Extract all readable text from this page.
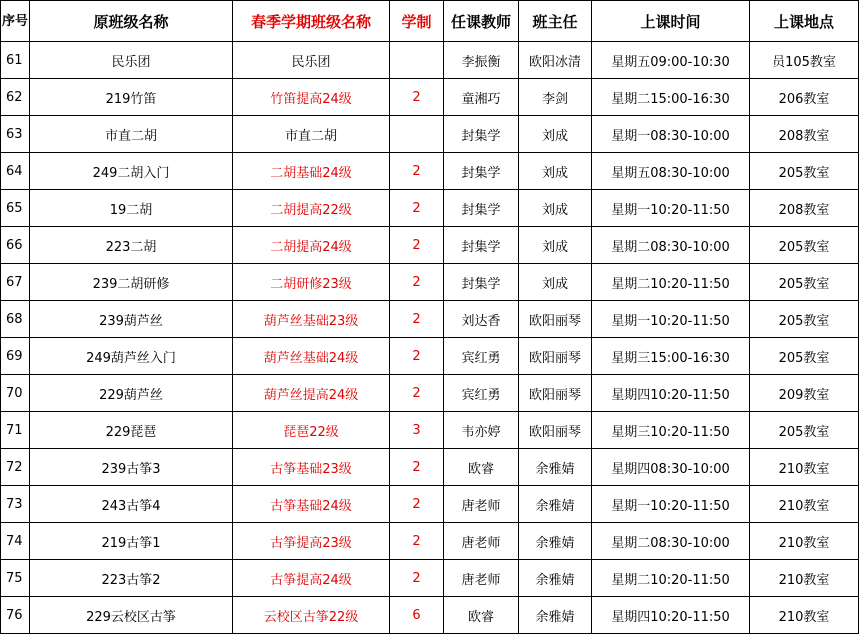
序号	原班级名称	春季学期班级名称	学制	任课教师	班主任	上课时间	上课地点
61	民乐团	民乐团		李振衡	欧阳冰清	星期五09:00-10:30	员105教室
62	219竹笛	竹笛提高24级	2	童湘巧	李剑	星期二15:00-16:30	206教室
63	市直二胡	市直二胡		封集学	刘成	星期一08:30-10:00	208教室
64	249二胡入门	二胡基础24级	2	封集学	刘成	星期五08:30-10:00	205教室
65	19二胡	二胡提高22级	2	封集学	刘成	星期一10:20-11:50	208教室
66	223二胡	二胡提高24级	2	封集学	刘成	星期二08:30-10:00	205教室
67	239二胡研修	二胡研修23级	2	封集学	刘成	星期二10:20-11:50	205教室
68	239葫芦丝	葫芦丝基础23级	2	刘达香	欧阳丽琴	星期一10:20-11:50	205教室
69	249葫芦丝入门	葫芦丝基础24级	2	宾红勇	欧阳丽琴	星期三15:00-16:30	205教室
70	229葫芦丝	葫芦丝提高24级	2	宾红勇	欧阳丽琴	星期四10:20-11:50	209教室
71	229琵琶	琵琶22级	3	韦亦婷	欧阳丽琴	星期三10:20-11:50	205教室
72	239古筝3	古筝基础23级	2	欧睿	余雅婧	星期四08:30-10:00	210教室
73	243古筝4	古筝基础24级	2	唐老师	余雅婧	星期一10:20-11:50	210教室
74	219古筝1	古筝提高23级	2	唐老师	余雅婧	星期二08:30-10:00	210教室
75	223古筝2	古筝提高24级	2	唐老师	余雅婧	星期二10:20-11:50	210教室
76	229云校区古筝	云校区古筝22级	6	欧睿	余雅婧	星期四10:20-11:50	210教室
